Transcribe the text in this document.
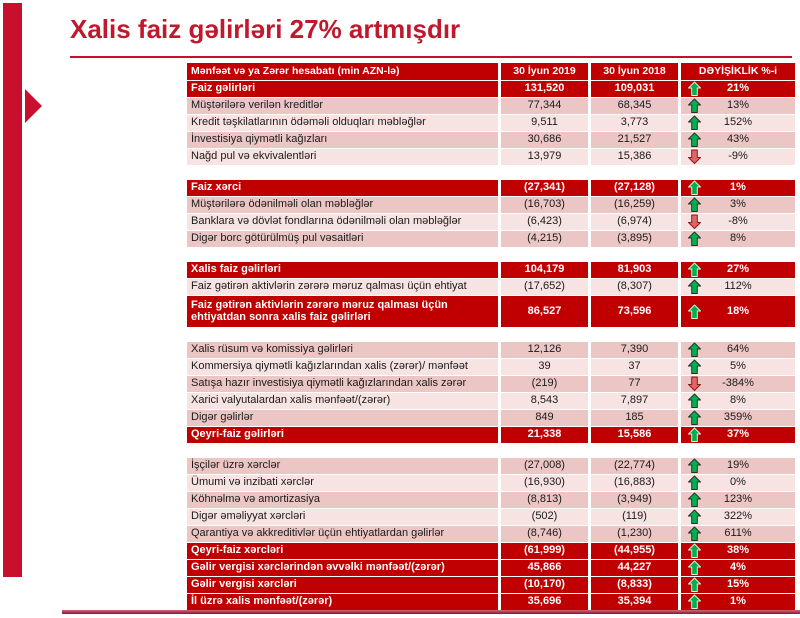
Xalis faiz gəlirləri 27% artmışdır
Mənfəət və ya Zərər hesabatı (min AZN-lə)	30 İyun 2019	30 İyun 2018	DƏYİŞİKLİK %-i
Faiz gəlirləri	131,520	109,031	21%
Müştərilərə verilən kreditlər	77,344	68,345	13%
Kredit təşkilatlarının ödəməli olduqları məbləğlər	9,511	3,773	152%
İnvestisiya qiymətli kağızları	30,686	21,527	43%
Nağd pul və ekvivalentləri	13,979	15,386	-9%
Faiz xərci	(27,341)	(27,128)	1%
Müştərilərə ödənilməli olan məbləğlər	(16,703)	(16,259)	3%
Banklara və dövlət fondlarına ödənilməli olan məbləğlər	(6,423)	(6,974)	-8%
Digər borc götürülmüş pul vəsaitləri	(4,215)	(3,895)	8%
Xalis faiz gəlirləri	104,179	81,903	27%
Faiz gətirən aktivlərin zərərə məruz qalması üçün ehtiyat	(17,652)	(8,307)	112%
Faiz gətirən aktivlərin zərərə məruz qalması üçün ehtiyatdan sonra xalis faiz gəlirləri	86,527	73,596	18%
Xalis rüsum və komissiya gəlirləri	12,126	7,390	64%
Kommersiya qiymətli kağızlarından xalis (zərər)/ mənfəət	39	37	5%
Satışa hazır investisiya qiymətli kağızlarından xalis zərər	(219)	77	-384%
Xarici valyutalardan xalis mənfəət/(zərər)	8,543	7,897	8%
Digər gəlirlər	849	185	359%
Qeyri-faiz gəlirləri	21,338	15,586	37%
İşçilər üzrə xərclər	(27,008)	(22,774)	19%
Ümumi və inzibati xərclər	(16,930)	(16,883)	0%
Köhnəlmə və amortizasiya	(8,813)	(3,949)	123%
Digər əməliyyat xərcləri	(502)	(119)	322%
Qarantiya və akkreditivlər üçün ehtiyatlardan gəlirlər	(8,746)	(1,230)	611%
Qeyri-faiz xərcləri	(61,999)	(44,955)	38%
Gəlir vergisi xərclərindən əvvəlki mənfəət/(zərər)	45,866	44,227	4%
Gəlir vergisi xərcləri	(10,170)	(8,833)	15%
İl üzrə xalis mənfəət/(zərər)	35,696	35,394	1%
